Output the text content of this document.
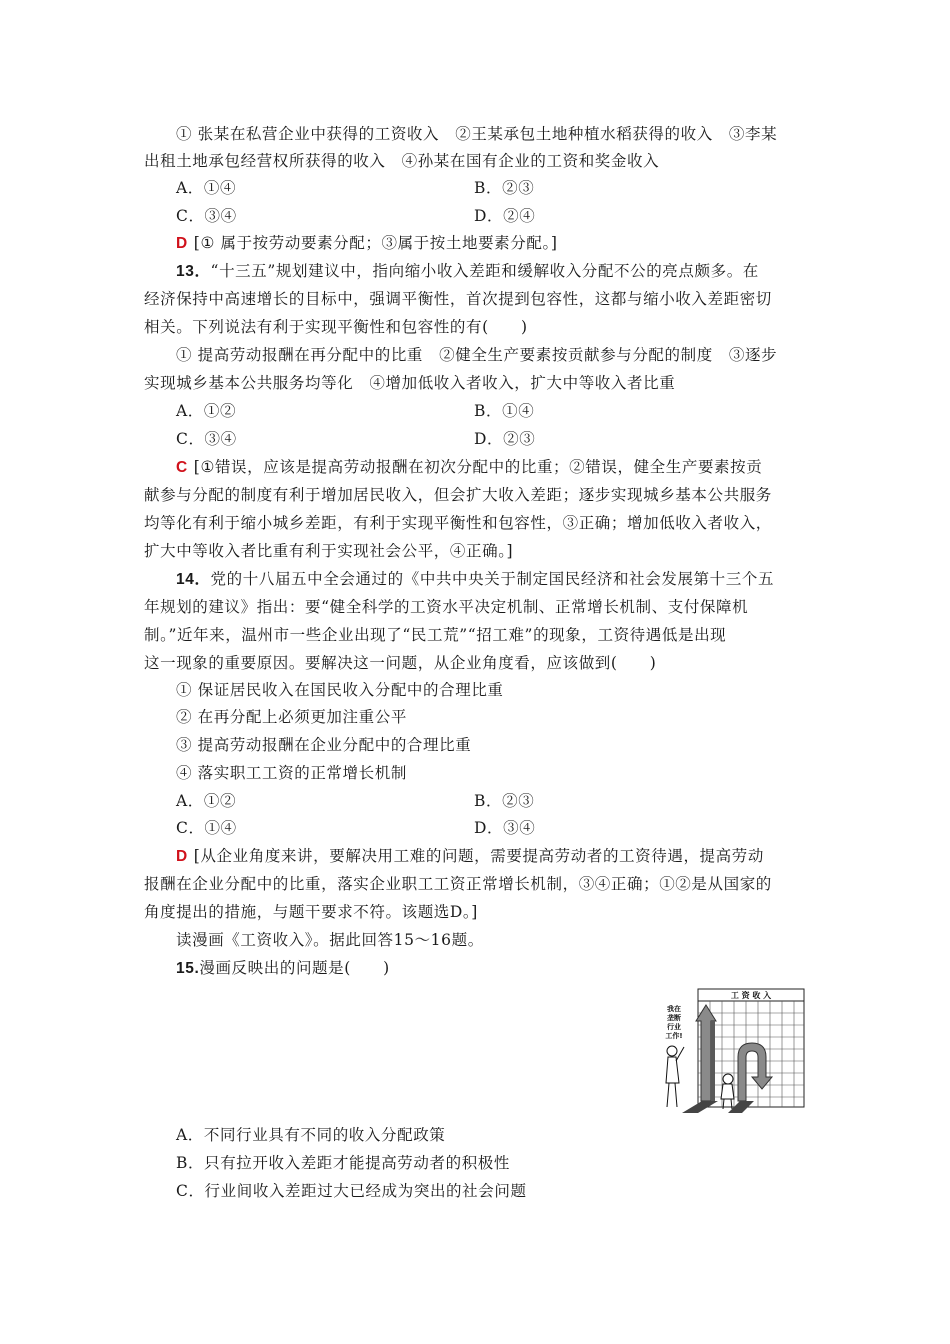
① 张某在私营企业中获得的工资收入　②王某承包土地种植水稻获得的收入　③李某
出租土地承包经营权所获得的收入　④孙某在国有企业的工资和奖金收入
A．①④	B．②③
C．③④	D．②④
D [① 属于按劳动要素分配；③属于按土地要素分配。]
13．“十三五”规划建议中，指向缩小收入差距和缓解收入分配不公的亮点颇多。在
经济保持中高速增长的目标中，强调平衡性，首次提到包容性，这都与缩小收入差距密切
相关。下列说法有利于实现平衡性和包容性的有(　　)
① 提高劳动报酬在再分配中的比重　②健全生产要素按贡献参与分配的制度　③逐步
实现城乡基本公共服务均等化　④增加低收入者收入，扩大中等收入者比重
A．①②	B．①④
C．③④	D．②③
C [①错误，应该是提高劳动报酬在初次分配中的比重；②错误，健全生产要素按贡
献参与分配的制度有利于增加居民收入，但会扩大收入差距；逐步实现城乡基本公共服务
均等化有利于缩小城乡差距，有利于实现平衡性和包容性，③正确；增加低收入者收入，
扩大中等收入者比重有利于实现社会公平，④正确。]
14．党的十八届五中全会通过的《中共中央关于制定国民经济和社会发展第十三个五
年规划的建议》指出：要“健全科学的工资水平决定机制、正常增长机制、支付保障机
制。”近年来，温州市一些企业出现了“民工荒”“招工难”的现象，工资待遇低是出现
这一现象的重要原因。要解决这一问题，从企业角度看，应该做到(　　)
① 保证居民收入在国民收入分配中的合理比重
② 在再分配上必须更加注重公平
③ 提高劳动报酬在企业分配中的合理比重
④ 落实职工工资的正常增长机制
A．①②	B．②③
C．①④	D．③④
D [从企业角度来讲，要解决用工难的问题，需要提高劳动者的工资待遇，提高劳动
报酬在企业分配中的比重，落实企业职工工资正常增长机制，③④正确；①②是从国家的
角度提出的措施，与题干要求不符。该题选D。]
读漫画《工资收入》。据此回答15～16题。
15.漫画反映出的问题是(　　)
工 资 收 入
我在
垄断
行业
工作!
A．不同行业具有不同的收入分配政策
B．只有拉开收入差距才能提高劳动者的积极性
C．行业间收入差距过大已经成为突出的社会问题
